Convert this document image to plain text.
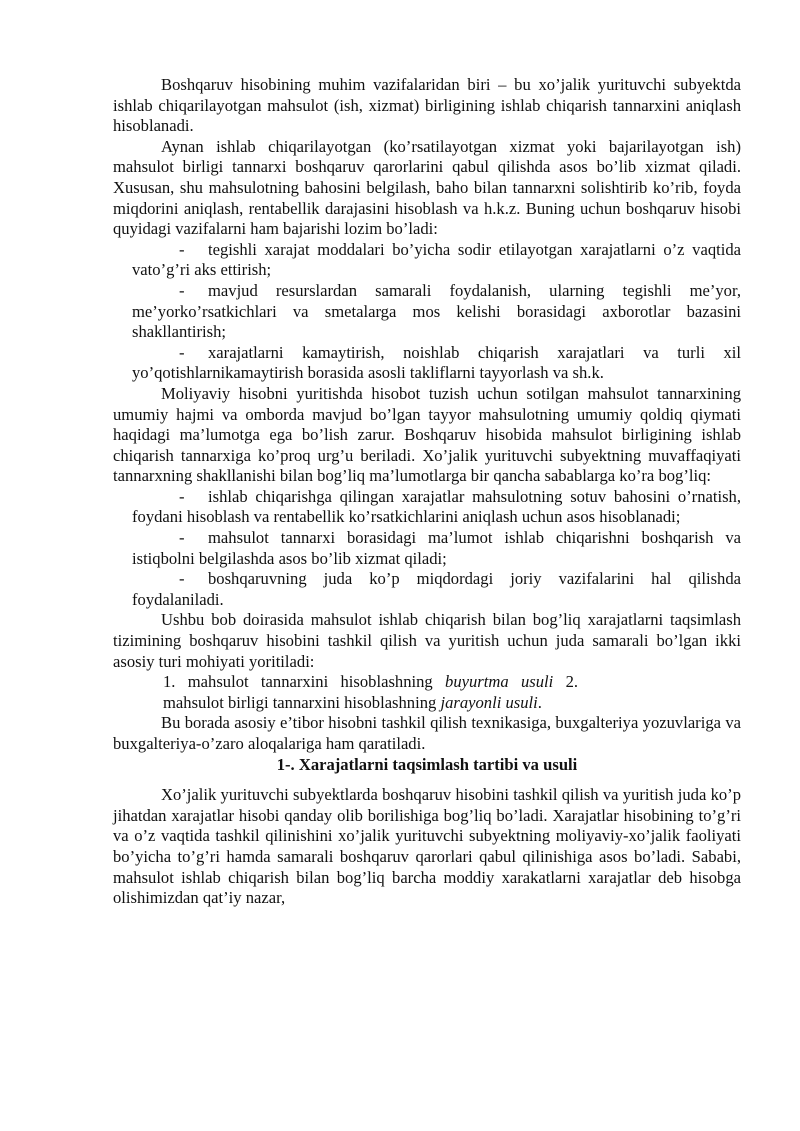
Boshqaruv hisobining muhim vazifalaridan biri – bu xo’jalik yurituvchi subyektda ishlab chiqarilayotgan mahsulot (ish, xizmat) birligining ishlab chiqarish tannarxini aniqlash hisoblanadi.

Aynan ishlab chiqarilayotgan (ko’rsatilayotgan xizmat yoki bajarilayotgan ish) mahsulot birligi tannarxi boshqaruv qarorlarini qabul qilishda asos bo’lib xizmat qiladi. Xususan, shu mahsulotning bahosini belgilash, baho bilan tannarxni solishtirib ko’rib, foyda miqdorini aniqlash, rentabellik darajasini hisoblash va h.k.z. Buning uchun boshqaruv hisobi quyidagi vazifalarni ham bajarishi lozim bo’ladi:

- tegishli xarajat moddalari bo’yicha sodir etilayotgan xarajatlarni o’z vaqtida vato’g’ri aks ettirish;

- mavjud resurslardan samarali foydalanish, ularning tegishli me’yor, me’yorko’rsatkichlari va smetalarga mos kelishi borasidagi axborotlar bazasini shakllantirish;

- xarajatlarni kamaytirish, noishlab chiqarish xarajatlari va turli xil yo’qotishlarnikamaytirish borasida asosli takliflarni tayyorlash va sh.k.

Moliyaviy hisobni yuritishda hisobot tuzish uchun sotilgan mahsulot tannarxining umumiy hajmi va omborda mavjud bo’lgan tayyor mahsulotning umumiy qoldiq qiymati haqidagi ma’lumotga ega bo’lish zarur. Boshqaruv hisobida mahsulot birligining ishlab chiqarish tannarxiga ko’proq urg’u beriladi. Xo’jalik yurituvchi subyektning muvaffaqiyati tannarxning shakllanishi bilan bog’liq ma’lumotlarga bir qancha sabablarga ko’ra bog’liq:

- ishlab chiqarishga qilingan xarajatlar mahsulotning sotuv bahosini o’rnatish, foydani hisoblash va rentabellik ko’rsatkichlarini aniqlash uchun asos hisoblanadi;

- mahsulot tannarxi borasidagi ma’lumot ishlab chiqarishni boshqarish va istiqbolni belgilashda asos bo’lib xizmat qiladi;

- boshqaruvning juda ko’p miqdordagi joriy vazifalarini hal qilishda foydalaniladi.

Ushbu bob doirasida mahsulot ishlab chiqarish bilan bog’liq xarajatlarni taqsimlash tizimining boshqaruv hisobini tashkil qilish va yuritish uchun juda samarali bo’lgan ikki asosiy turi mohiyati yoritiladi:

1. mahsulot tannarxini hisoblashning buyurtma usuli 2. mahsulot birligi tannarxini hisoblashning jarayonli usuli.

Bu borada asosiy e’tibor hisobni tashkil qilish texnikasiga, buxgalteriya yozuvlariga va buxgalteriya-o’zaro aloqalariga ham qaratiladi.

1-. Xarajatlarni taqsimlash tartibi va usuli

Xo’jalik yurituvchi subyektlarda boshqaruv hisobini tashkil qilish va yuritish juda ko’p jihatdan xarajatlar hisobi qanday olib borilishiga bog’liq bo’ladi. Xarajatlar hisobining to’g’ri va o’z vaqtida tashkil qilinishini xo’jalik yurituvchi subyektning moliyaviy-xo’jalik faoliyati bo’yicha to’g’ri hamda samarali boshqaruv qarorlari qabul qilinishiga asos bo’ladi. Sababi, mahsulot ishlab chiqarish bilan bog’liq barcha moddiy xarakatlarni xarajatlar deb hisobga olishimizdan qat’iy nazar,
